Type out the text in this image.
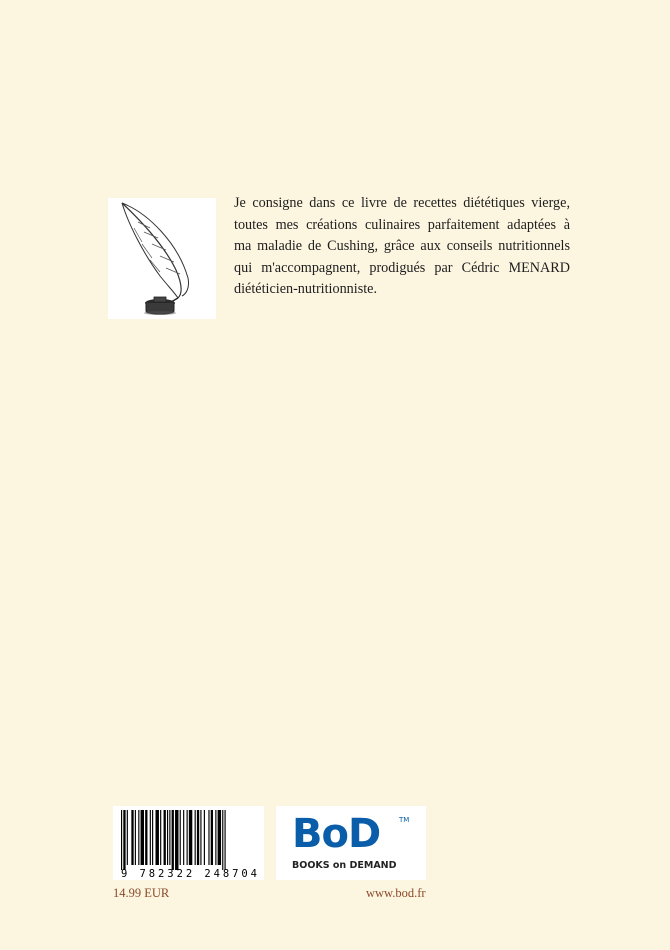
Je consigne dans ce livre de recettes diététiques vierge,
toutes mes créations culinaires parfaitement adaptées à
ma maladie de Cushing, grâce aux conseils nutritionnels
qui m'accompagnent, prodigués par Cédric MENARD
diététicien-nutritionniste.

9 782322 248704
BoD	TM
BOOKS on DEMAND
14.99 EUR	www.bod.fr
